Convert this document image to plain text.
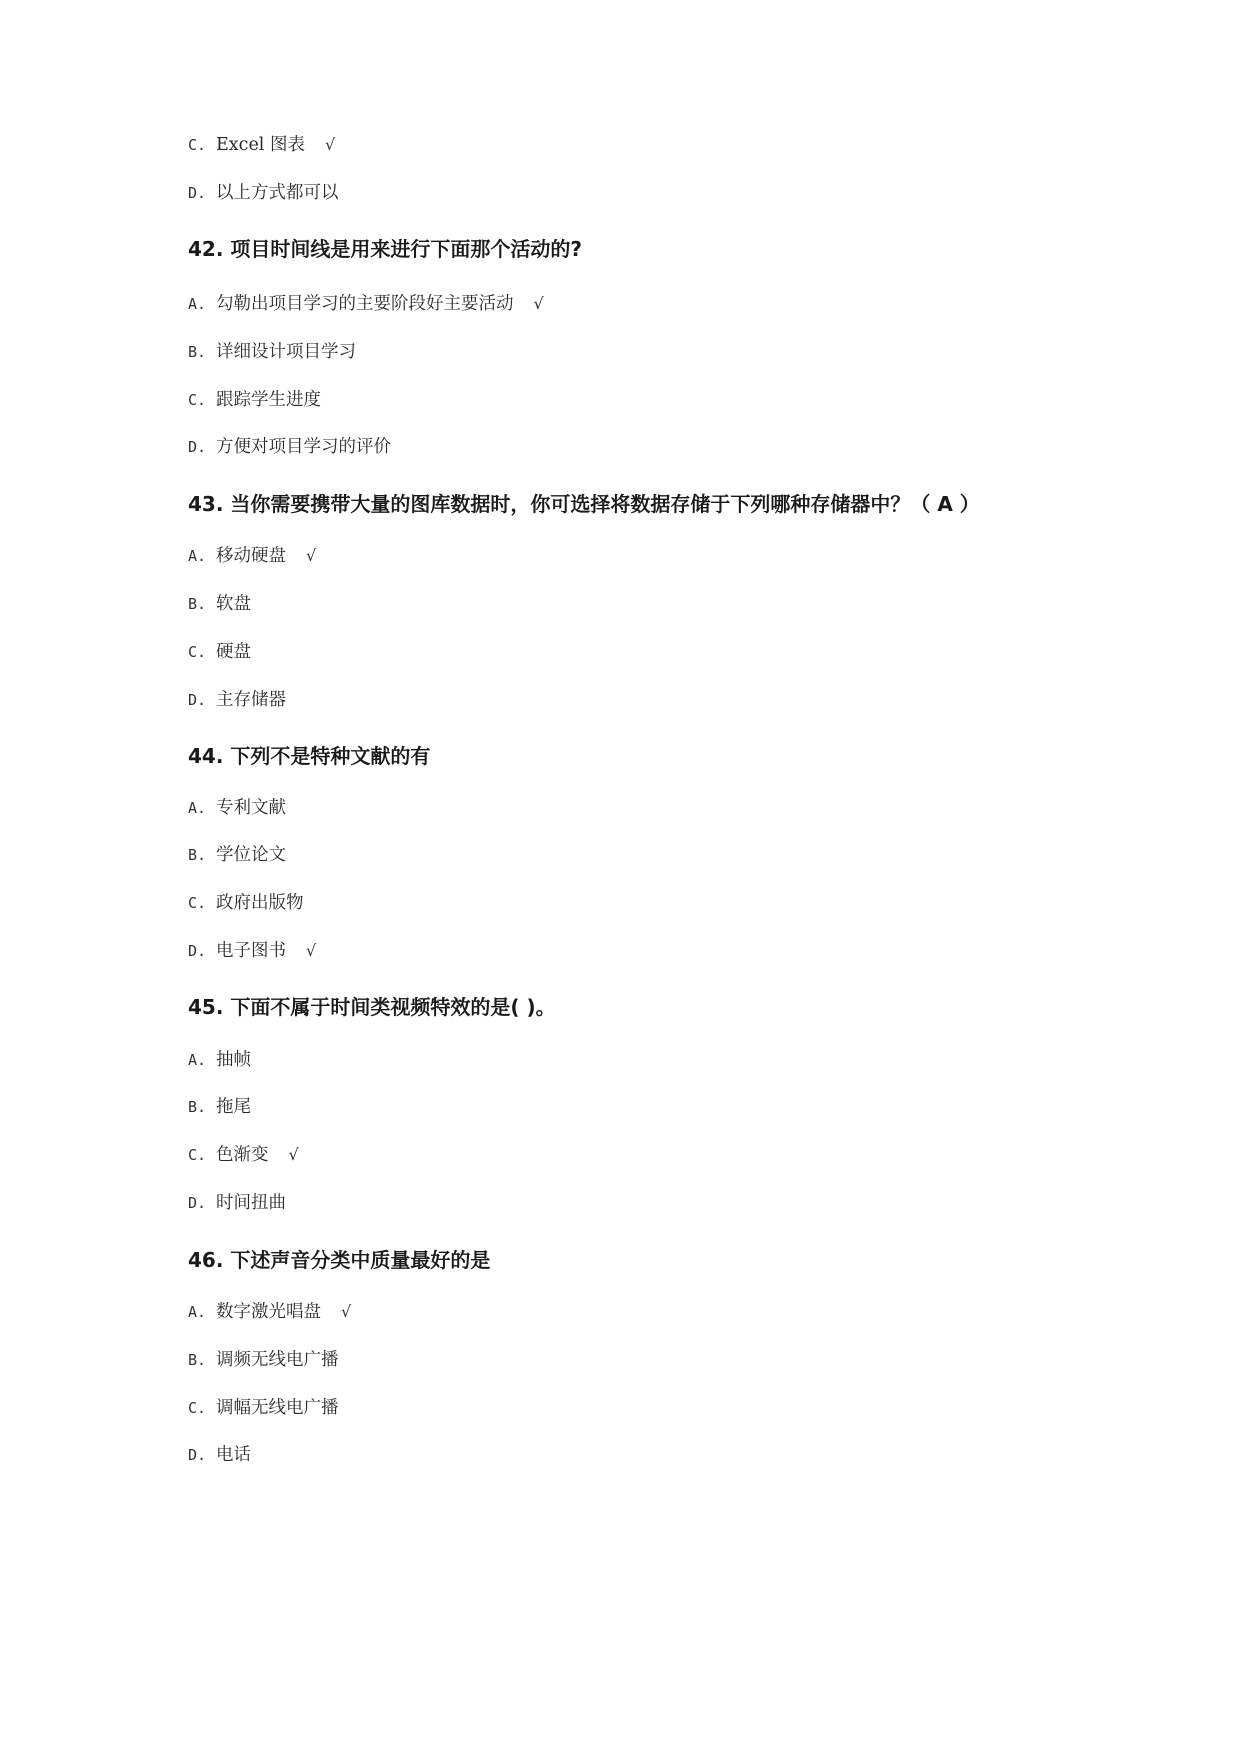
C. Excel 图表 √
D. 以上方式都可以
42. 项目时间线是用来进行下面那个活动的?
A. 勾勒出项目学习的主要阶段好主要活动 √
B. 详细设计项目学习
C. 跟踪学生进度
D. 方便对项目学习的评价
43. 当你需要携带大量的图库数据时，你可选择将数据存储于下列哪种存储器中？（ A ）
A. 移动硬盘 √
B. 软盘
C. 硬盘
D. 主存储器
44. 下列不是特种文献的有
A. 专利文献
B. 学位论文
C. 政府出版物
D. 电子图书 √
45. 下面不属于时间类视频特效的是( )。
A. 抽帧
B. 拖尾
C. 色渐变 √
D. 时间扭曲
46. 下述声音分类中质量最好的是
A. 数字激光唱盘 √
B. 调频无线电广播
C. 调幅无线电广播
D. 电话
